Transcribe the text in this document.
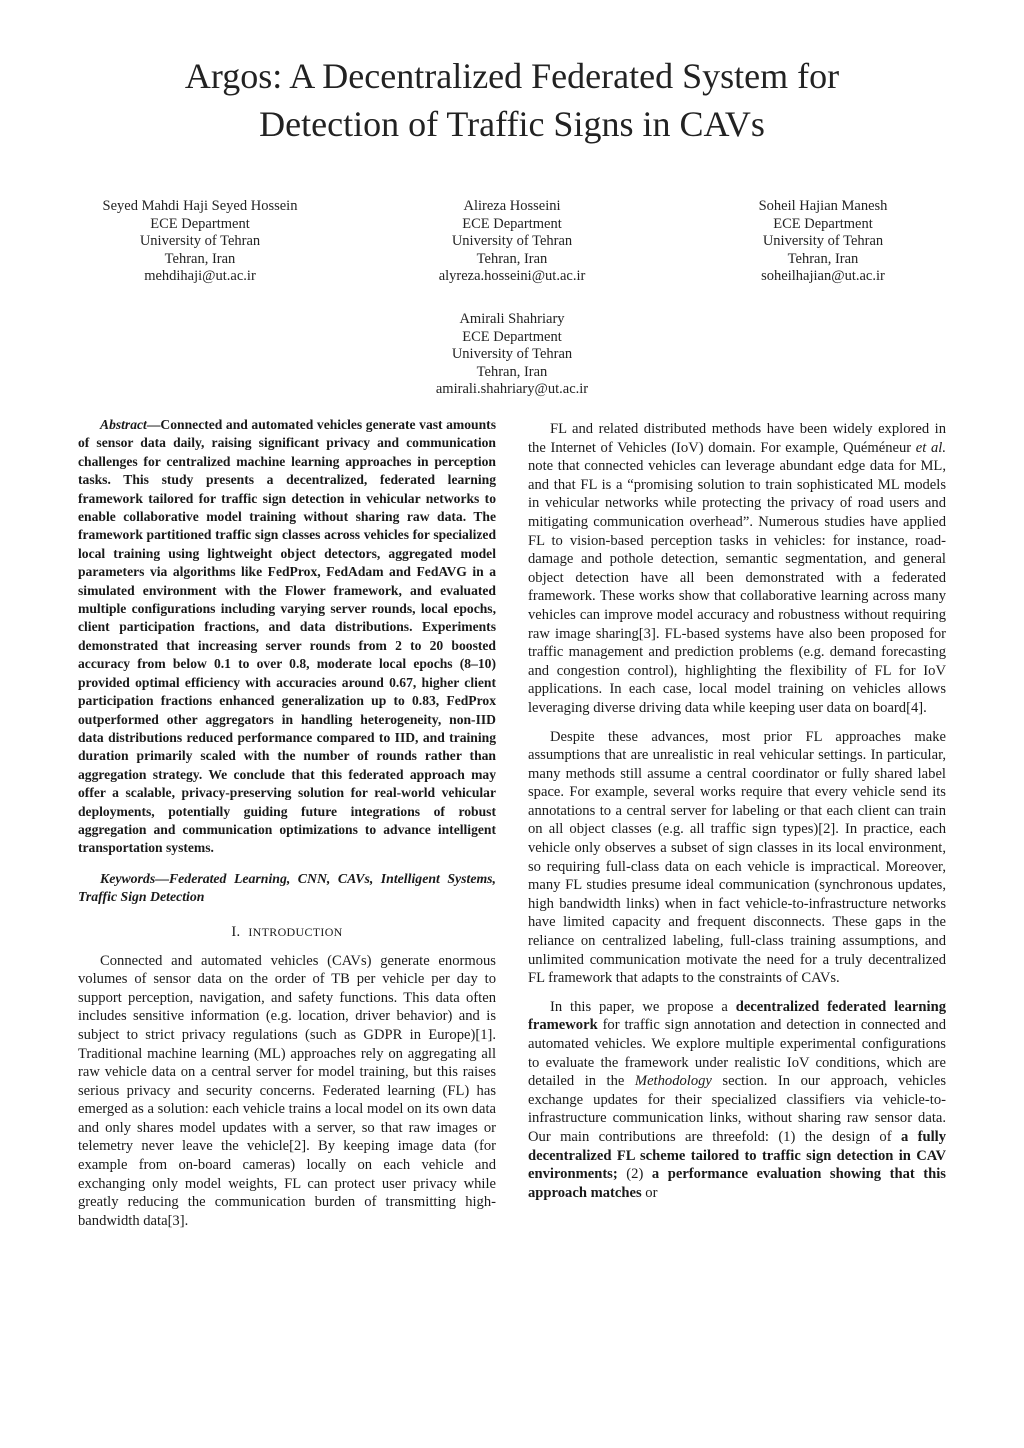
Argos: A Decentralized Federated System for
Detection of Traffic Signs in CAVs
Seyed Mahdi Haji Seyed Hossein
ECE Department
University of Tehran
Tehran, Iran
mehdihaji@ut.ac.ir
Alireza Hosseini
ECE Department
University of Tehran
Tehran, Iran
alyreza.hosseini@ut.ac.ir
Soheil Hajian Manesh
ECE Department
University of Tehran
Tehran, Iran
soheilhajian@ut.ac.ir
Amirali Shahriary
ECE Department
University of Tehran
Tehran, Iran
amirali.shahriary@ut.ac.ir

Abstract—Connected and automated vehicles generate vast amounts of sensor data daily, raising significant privacy and communication challenges for centralized machine learning approaches in perception tasks. This study presents a decentralized, federated learning framework tailored for traffic sign detection in vehicular networks to enable collaborative model training without sharing raw data. The framework partitioned traffic sign classes across vehicles for specialized local training using lightweight object detectors, aggregated model parameters via algorithms like FedProx, FedAdam and FedAVG in a simulated environment with the Flower framework, and evaluated multiple configurations including varying server rounds, local epochs, client participation fractions, and data distributions. Experiments demonstrated that increasing server rounds from 2 to 20 boosted accuracy from below 0.1 to over 0.8, moderate local epochs (8–10) provided optimal efficiency with accuracies around 0.67, higher client participation fractions enhanced generalization up to 0.83, FedProx outperformed other aggregators in handling heterogeneity, non-IID data distributions reduced performance compared to IID, and training duration primarily scaled with the number of rounds rather than aggregation strategy. We conclude that this federated approach may offer a scalable, privacy-preserving solution for real-world vehicular deployments, potentially guiding future integrations of robust aggregation and communication optimizations to advance intelligent transportation systems.

Keywords—Federated Learning, CNN, CAVs, Intelligent Systems, Traffic Sign Detection

I. INTRODUCTION

Connected and automated vehicles (CAVs) generate enormous volumes of sensor data on the order of TB per vehicle per day to support perception, navigation, and safety functions. This data often includes sensitive information (e.g. location, driver behavior) and is subject to strict privacy regulations (such as GDPR in Europe)[1]. Traditional machine learning (ML) approaches rely on aggregating all raw vehicle data on a central server for model training, but this raises serious privacy and security concerns. Federated learning (FL) has emerged as a solution: each vehicle trains a local model on its own data and only shares model updates with a server, so that raw images or telemetry never leave the vehicle[2]. By keeping image data (for example from on-board cameras) locally on each vehicle and exchanging only model weights, FL can protect user privacy while greatly reducing the communication burden of transmitting high-bandwidth data[3].

FL and related distributed methods have been widely explored in the Internet of Vehicles (IoV) domain. For example, Quéméneur et al. note that connected vehicles can leverage abundant edge data for ML, and that FL is a “promising solution to train sophisticated ML models in vehicular networks while protecting the privacy of road users and mitigating communication overhead”. Numerous studies have applied FL to vision-based perception tasks in vehicles: for instance, road-damage and pothole detection, semantic segmentation, and general object detection have all been demonstrated with a federated framework. These works show that collaborative learning across many vehicles can improve model accuracy and robustness without requiring raw image sharing[3]. FL-based systems have also been proposed for traffic management and prediction problems (e.g. demand forecasting and congestion control), highlighting the flexibility of FL for IoV applications. In each case, local model training on vehicles allows leveraging diverse driving data while keeping user data on board[4].

Despite these advances, most prior FL approaches make assumptions that are unrealistic in real vehicular settings. In particular, many methods still assume a central coordinator or fully shared label space. For example, several works require that every vehicle send its annotations to a central server for labeling or that each client can train on all object classes (e.g. all traffic sign types)[2]. In practice, each vehicle only observes a subset of sign classes in its local environment, so requiring full-class data on each vehicle is impractical. Moreover, many FL studies presume ideal communication (synchronous updates, high bandwidth links) when in fact vehicle-to-infrastructure networks have limited capacity and frequent disconnects. These gaps in the reliance on centralized labeling, full-class training assumptions, and unlimited communication motivate the need for a truly decentralized FL framework that adapts to the constraints of CAVs.

In this paper, we propose a decentralized federated learning framework for traffic sign annotation and detection in connected and automated vehicles. We explore multiple experimental configurations to evaluate the framework under realistic IoV conditions, which are detailed in the Methodology section. In our approach, vehicles exchange updates for their specialized classifiers via vehicle-to-infrastructure communication links, without sharing raw sensor data. Our main contributions are threefold: (1) the design of a fully decentralized FL scheme tailored to traffic sign detection in CAV environments; (2) a performance evaluation showing that this approach matches or
